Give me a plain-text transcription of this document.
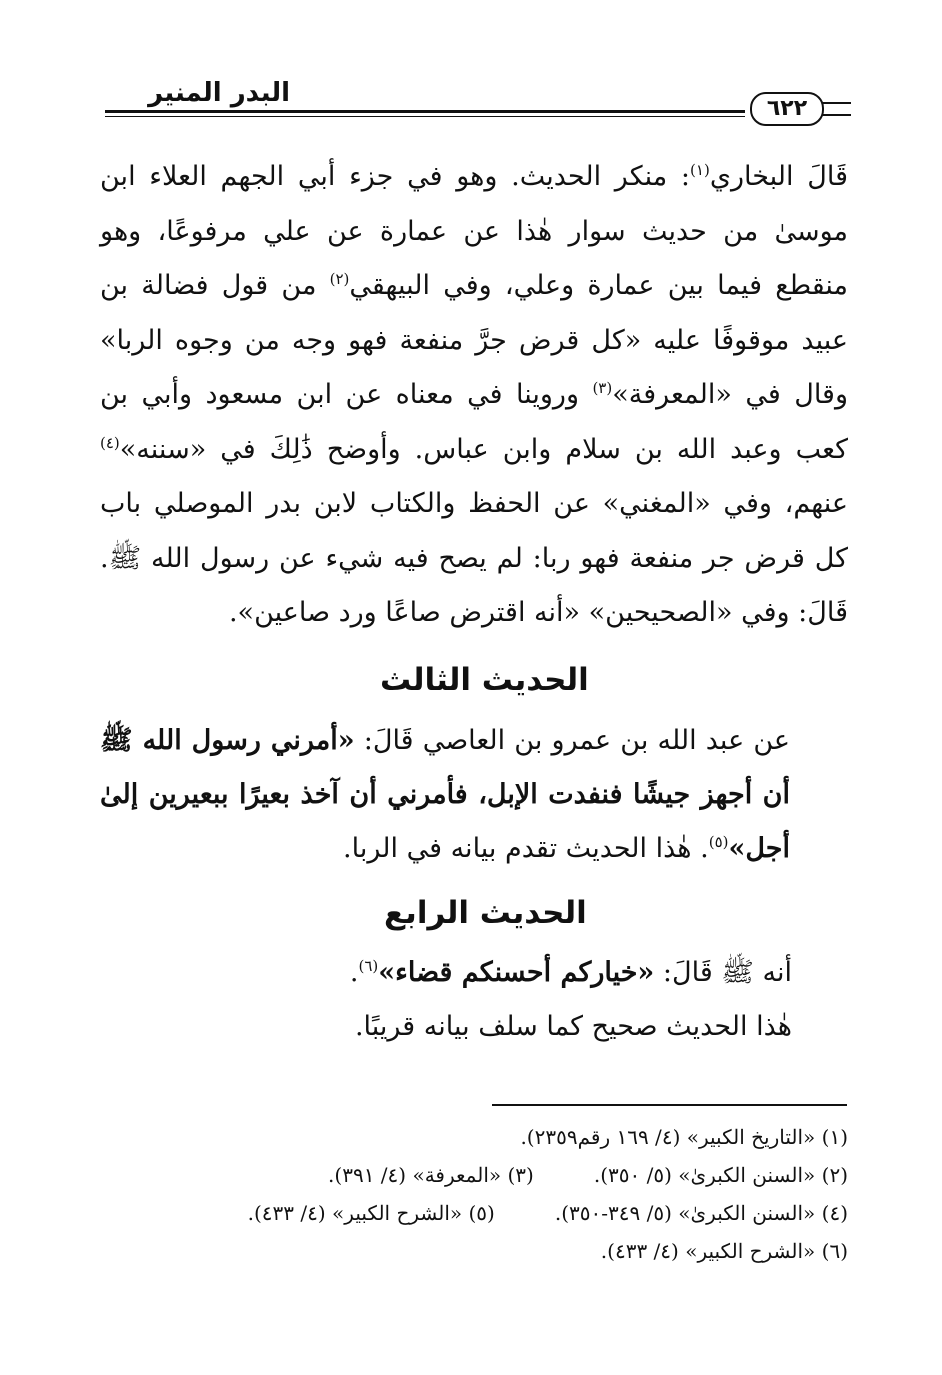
البدر المنير
٦٢٢

قَالَ البخاري$^{(١)}$: منكر الحديث. وهو في جزء أبي الجهم العلاء ابن موسىٰ من حديث سوار هٰذا عن عمارة عن علي مرفوعًا، وهو منقطع فيما بين عمارة وعلي، وفي البيهقي$^{(٢)}$ من قول فضالة بن عبيد موقوفًا عليه «كل قرض جرَّ منفعة فهو وجه من وجوه الربا» وقال في «المعرفة»$^{(٣)}$ وروينا في معناه عن ابن مسعود وأبي بن كعب وعبد الله بن سلام وابن عباس. وأوضح ذَٰلِكَ في «سننه»$^{(٤)}$ عنهم، وفي «المغني» عن الحفظ والكتاب لابن بدر الموصلي باب كل قرض جر منفعة فهو ربا: لم يصح فيه شيء عن رسول الله ﷺ. قَالَ: وفي «الصحيحين» «أنه اقترض صاعًا ورد صاعين».

الحديث الثالث

عن عبد الله بن عمرو بن العاصي قَالَ: «أمرني رسول الله ﷺ أن أجهز جيشًا فنفدت الإبل، فأمرني أن آخذ بعيرًا ببعيرين إلىٰ أجل»$^{(٥)}$. هٰذا الحديث تقدم بيانه في الربا.

الحديث الرابع

أنه ﷺ قَالَ: «خياركم أحسنكم قضاء»$^{(٦)}$.

هٰذا الحديث صحيح كما سلف بيانه قريبًا.

(١) «التاريخ الكبير» (٤/ ١٦٩ رقم٢٣٥٩).
(٢) «السنن الكبرىٰ» (٥/ ٣٥٠).
(٣) «المعرفة» (٤/ ٣٩١).
(٤) «السنن الكبرىٰ» (٥/ ٣٤٩-٣٥٠).
(٥) «الشرح الكبير» (٤/ ٤٣٣).
(٦) «الشرح الكبير» (٤/ ٤٣٣).
